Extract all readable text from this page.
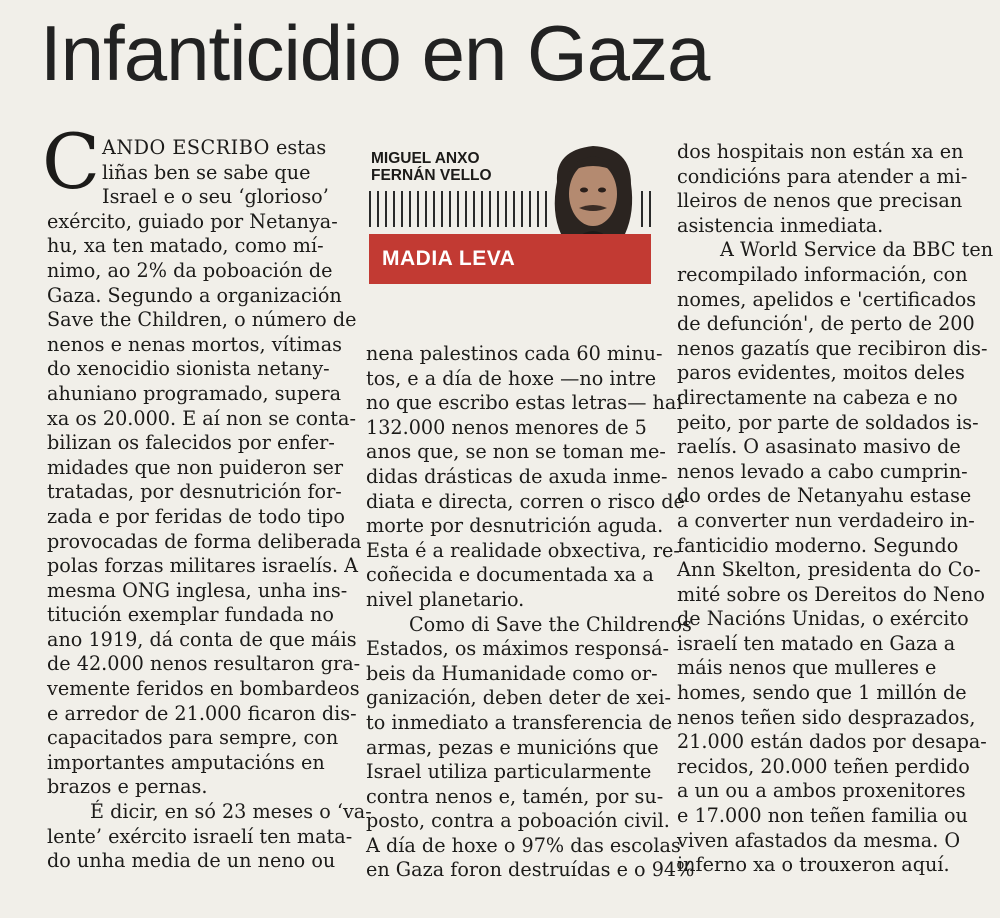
Infanticidio en Gaza
C ANDO ESCRIBO estas
liñas ben se sabe que
Israel e o seu ‘glorioso’
exército, guiado por Netanya-
hu, xa ten matado, como mí-
nimo, ao 2% da poboación de
Gaza. Segundo a organización
Save the Children, o número de
nenos e nenas mortos, vítimas
do xenocidio sionista netany-
ahuniano programado, supera
xa os 20.000. E aí non se conta-
bilizan os falecidos por enfer-
midades que non puideron ser
tratadas, por desnutrición for-
zada e por feridas de todo tipo
provocadas de forma deliberada
polas forzas militares israelís. A
mesma ONG inglesa, unha ins-
titución exemplar fundada no
ano 1919, dá conta de que máis
de 42.000 nenos resultaron gra-
vemente feridos en bombardeos
e arredor de 21.000 ficaron dis-
capacitados para sempre, con
importantes amputacións en
brazos e pernas.
É dicir, en só 23 meses o ‘va-
lente’ exército israelí ten mata-
do unha media de un neno ou
MIGUEL ANXO
FERNÁN VELLO
MADIA LEVA
nena palestinos cada 60 minu-
tos, e a día de hoxe —no intre
no que escribo estas letras— hai
132.000 nenos menores de 5
anos que, se non se toman me-
didas drásticas de axuda inme-
diata e directa, corren o risco de
morte por desnutrición aguda.
Esta é a realidade obxectiva, re-
coñecida e documentada xa a
nivel planetario.
Como di Save the Childrenos
Estados, os máximos responsá-
beis da Humanidade como or-
ganización, deben deter de xei-
to inmediato a transferencia de
armas, pezas e municións que
Israel utiliza particularmente
contra nenos e, tamén, por su-
posto, contra a poboación civil.
A día de hoxe o 97% das escolas
en Gaza foron destruídas e o 94%
dos hospitais non están xa en
condicións para atender a mi-
lleiros de nenos que precisan
asistencia inmediata.
A World Service da BBC ten
recompilado información, con
nomes, apelidos e 'certificados
de defunción', de perto de 200
nenos gazatís que recibiron dis-
paros evidentes, moitos deles
directamente na cabeza e no
peito, por parte de soldados is-
raelís. O asasinato masivo de
nenos levado a cabo cumprin-
do ordes de Netanyahu estase
a converter nun verdadeiro in-
fanticidio moderno. Segundo
Ann Skelton, presidenta do Co-
mité sobre os Dereitos do Neno
de Nacións Unidas, o exército
israelí ten matado en Gaza a
máis nenos que mulleres e
homes, sendo que 1 millón de
nenos teñen sido desprazados,
21.000 están dados por desapa-
recidos, 20.000 teñen perdido
a un ou a ambos proxenitores
e 17.000 non teñen familia ou
viven afastados da mesma. O
inferno xa o trouxeron aquí.
